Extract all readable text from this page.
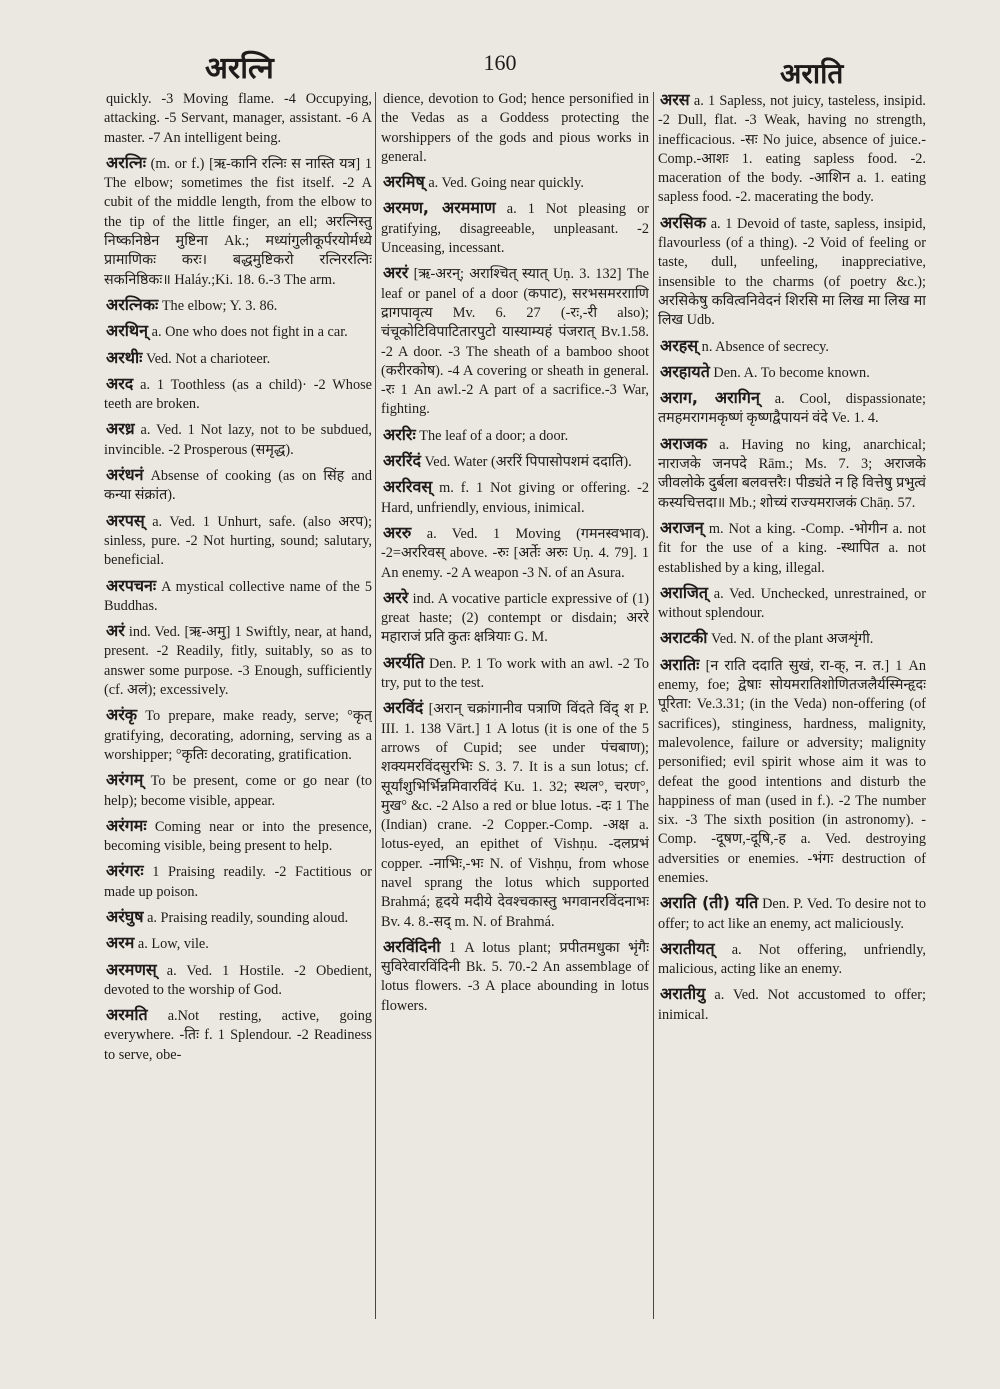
अरत्नि	160	अराति

quickly. -3 Moving flame. -4 Occupying, attacking. -5 Servant, manager, assistant. -6 A master. -7 An intelligent being.

अरत्निः (m. or f.) [ऋ-कानि रत्निः स नास्ति यत्र] 1 The elbow; sometimes the fist itself. -2 A cubit of the middle length, from the elbow to the tip of the little finger, an ell; अरत्निस्तु निष्कनिष्ठेन मुष्टिना Ak.; मध्यांगुलीकूर्परयोर्मध्ये प्रामाणिकः करः। बद्धमुष्टिकरो रत्निररत्निः सकनिष्ठिकः॥ Haláy.;Ki. 18. 6.-3 The arm.

अरत्निकः The elbow; Y. 3. 86.

अरथिन् a. One who does not fight in a car.

अरथीः Ved. Not a charioteer.

अरद a. 1 Toothless (as a child)· -2 Whose teeth are broken.

अरध्र a. Ved. 1 Not lazy, not to be subdued, invincible. -2 Prosperous (समृद्ध).

अरंधनं Absense of cooking (as on सिंह and कन्या संक्रांत).

अरपस् a. Ved. 1 Unhurt, safe. (also अरप); sinless, pure. -2 Not hurting, sound; salutary, beneficial.

अरपचनः A mystical collective name of the 5 Buddhas.

अरं ind. Ved. [ऋ-अमु] 1 Swiftly, near, at hand, present. -2 Readily, fitly, suitably, so as to answer some purpose. -3 Enough, sufficiently (cf. अलं); excessively.

अरंकृ To prepare, make ready, serve; °कृत् gratifying, decorating, adorning, serving as a worshipper; °कृतिः decorating, gratification.

अरंगम् To be present, come or go near (to help); become visible, appear.

अरंगमः Coming near or into the presence, becoming visible, being present to help.

अरंगरः 1 Praising readily. -2 Factitious or made up poison.

अरंघुष a. Praising readily, sounding aloud.

अरम a. Low, vile.

अरमणस् a. Ved. 1 Hostile. -2 Obedient, devoted to the worship of God.

अरमति a.Not resting, active, going everywhere. -तिः f. 1 Splendour. -2 Readiness to serve, obe-

dience, devotion to God; hence personified in the Vedas as a Goddess protecting the worshippers of the gods and pious works in general.

अरमिष् a. Ved. Going near quickly.

अरमण, अरममाण a. 1 Not pleasing or gratifying, disagreeable, unpleasant. -2 Unceasing, incessant.

अररं [ऋ-अरन्; अराश्चित् स्यात् Uṇ. 3. 132] The leaf or panel of a door (कपाट), सरभसमररााणि द्रागपावृत्य Mv. 6. 27 (-रः,-री also); चंचूकोटिविपाटितारपुटो यास्याम्यहं पंजरात् Bv.1.58. -2 A door. -3 The sheath of a bamboo shoot (करीरकोष). -4 A covering or sheath in general. -रः 1 An awl.-2 A part of a sacrifice.-3 War, fighting.

अररिः The leaf of a door; a door.

अररिंदं Ved. Water (अररिं पिपासोपशमं ददाति).

अररिवस् m. f. 1 Not giving or offering. -2 Hard, unfriendly, envious, inimical.

अररु a. Ved. 1 Moving (गमनस्वभाव). -2=अररिवस् above. -रुः [अर्तेः अरुः Uṇ. 4. 79]. 1 An enemy. -2 A weapon -3 N. of an Asura.

अररे ind. A vocative particle expressive of (1) great haste; (2) contempt or disdain; अररे महाराजं प्रति कुतः क्षत्रियाः G. M.

अरर्यति Den. P. 1 To work with an awl. -2 To try, put to the test.

अरविंदं [अरान् चक्रांगानीव पत्राणि विंदते विंद् श P. III. 1. 138 Vārt.] 1 A lotus (it is one of the 5 arrows of Cupid; see under पंचबाण); शक्यमरविंदसुरभिः S. 3. 7. It is a sun lotus; cf. सूर्यांशुभिर्भिन्नमिवारविंदं Ku. 1. 32; स्थल°, चरण°, मुख° &c. -2 Also a red or blue lotus. -दः 1 The (Indian) crane. -2 Copper.-Comp. -अक्ष a. lotus-eyed, an epithet of Vishṇu. -दलप्रभं copper. -नाभिः,-भः N. of Vishṇu, from whose navel sprang the lotus which supported Brahmá; हृदये मदीये देवश्चकास्तु भगवानरविंदनाभः Bv. 4. 8.-सद् m. N. of Brahmá.

अरविंदिनी 1 A lotus plant; प्रपीतमधुका भृंगैः सुविरेवारविंदिनी Bk. 5. 70.-2 An assemblage of lotus flowers. -3 A place abounding in lotus flowers.

अरस a. 1 Sapless, not juicy, tasteless, insipid. -2 Dull, flat. -3 Weak, having no strength, inefficacious. -सः No juice, absence of juice.-Comp.-आशः 1. eating sapless food. -2. maceration of the body. -आशिन a. 1. eating sapless food. -2. macerating the body.

अरसिक a. 1 Devoid of taste, sapless, insipid, flavourless (of a thing). -2 Void of feeling or taste, dull, unfeeling, inappreciative, insensible to the charms (of poetry &c.); अरसिकेषु कवित्वनिवेदनं शिरसि मा लिख मा लिख मा लिख Udb.

अरहस् n. Absence of secrecy.

अरहायते Den. A. To become known.

अराग, अरागिन् a. Cool, dispassionate; तमहमरागमकृष्णं कृष्णद्वैपायनं वंदे Ve. 1. 4.

अराजक a. Having no king, anarchical; नाराजके जनपदे Rām.; Ms. 7. 3; अराजके जीवलोके दुर्बला बलवत्तरैः। पीड्यंते न हि वित्तेषु प्रभुत्वं कस्यचित्तदा॥ Mb.; शोच्यं राज्यमराजकं Chāṇ. 57.

अराजन् m. Not a king. -Comp. -भोगीन a. not fit for the use of a king. -स्थापित a. not established by a king, illegal.

अराजित् a. Ved. Unchecked, unrestrained, or without splendour.

अराटकी Ved. N. of the plant अजशृंगी.

अरातिः [न राति ददाति सुखं, रा-क्, न. त.] 1 An enemy, foe; द्वेषाः सोयमरातिशोणितजलैर्यस्मिन्हृदः पूरिता: Ve.3.31; (in the Veda) non-offering (of sacrifices), stinginess, hardness, malignity, malevolence, failure or adversity; malignity personified; evil spirit whose aim it was to defeat the good intentions and disturb the happiness of man (used in f.). -2 The number six. -3 The sixth position (in astronomy). -Comp. -दूषण,-दूषि,-ह a. Ved. destroying adversities or enemies. -भंगः destruction of enemies.

अराति (ती) यति Den. P. Ved. To desire not to offer; to act like an enemy, act maliciously.

अरातीयत् a. Not offering, unfriendly, malicious, acting like an enemy.

अरातीयु a. Ved. Not accustomed to offer; inimical.
